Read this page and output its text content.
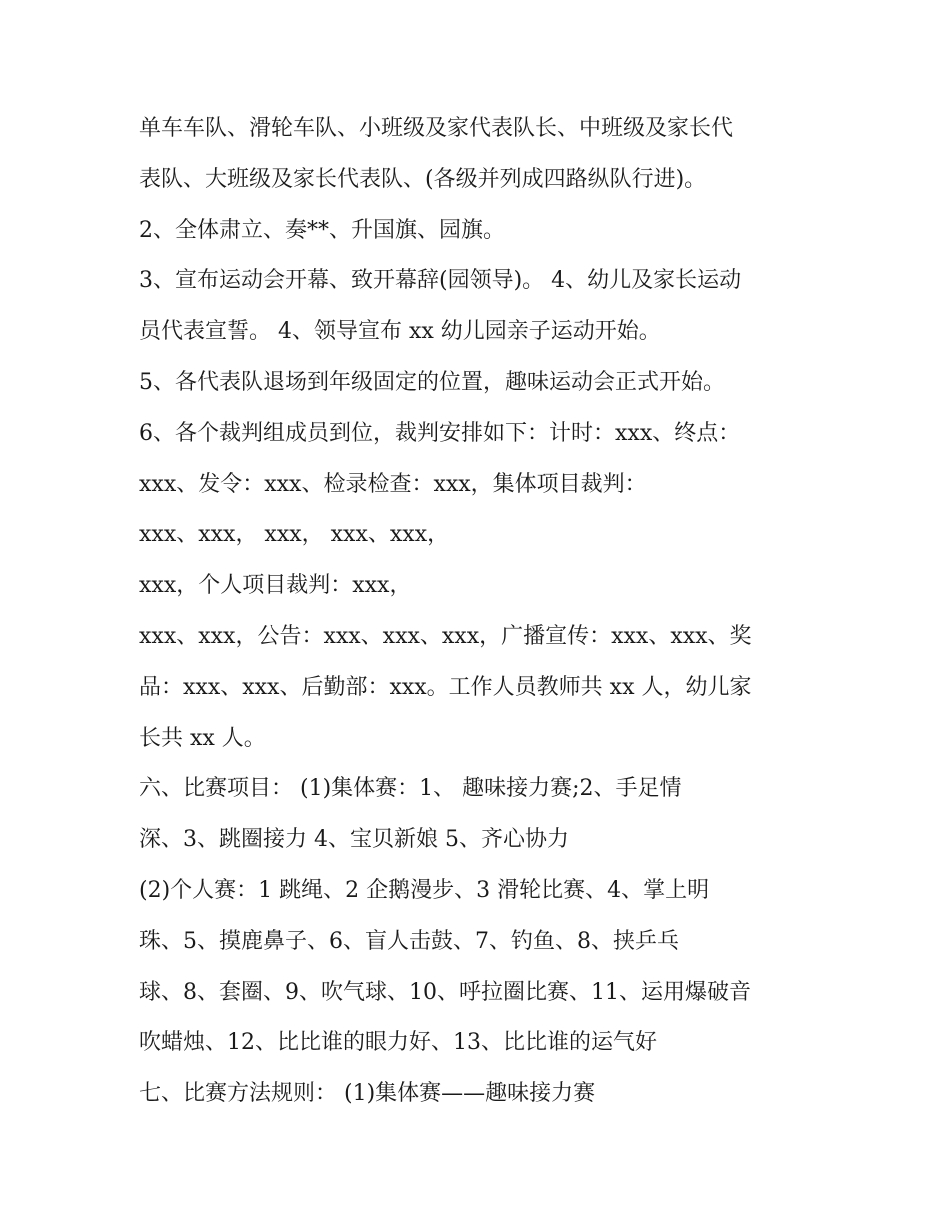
单车车队、滑轮车队、小班级及家代表队长、中班级及家长代
表队、大班级及家长代表队、(各级并列成四路纵队行进)。
2、全体肃立、奏**、升国旗、园旗。
3、宣布运动会开幕、致开幕辞(园领导)。 4、幼儿及家长运动
员代表宣誓。 4、领导宣布 xx 幼儿园亲子运动开始。
5、各代表队退场到年级固定的位置，趣味运动会正式开始。
6、各个裁判组成员到位，裁判安排如下：计时：xxx、终点：
xxx、发令：xxx、检录检查：xxx，集体项目裁判：
xxx、xxx， xxx， xxx、xxx，
xxx，个人项目裁判：xxx，
xxx、xxx，公告：xxx、xxx、xxx，广播宣传：xxx、xxx、奖
品：xxx、xxx、后勤部：xxx。工作人员教师共 xx 人，幼儿家
长共 xx 人。
六、比赛项目： (1)集体赛：1、 趣味接力赛;2、手足情
深、3、跳圈接力 4、宝贝新娘 5、齐心协力
(2)个人赛：1 跳绳、2 企鹅漫步、3 滑轮比赛、4、掌上明
珠、5、摸鹿鼻子、6、盲人击鼓、7、钓鱼、8、挟乒乓
球、8、套圈、9、吹气球、10、呼拉圈比赛、11、运用爆破音
吹蜡烛、12、比比谁的眼力好、13、比比谁的运气好
七、比赛方法规则： (1)集体赛——趣味接力赛
